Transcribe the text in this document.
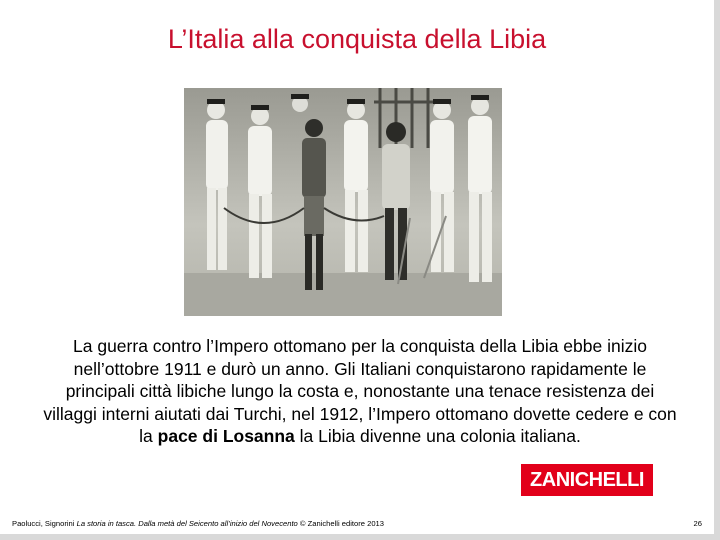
L’Italia alla conquista della Libia
La guerra contro l’Impero ottomano per la conquista della Libia ebbe inizio nell’ottobre 1911 e durò un anno. Gli Italiani conquistarono rapidamente le principali città libiche lungo la costa e, nonostante una tenace resistenza dei villaggi interni aiutati dai Turchi, nel 1912, l’Impero ottomano dovette cedere e con la pace di Losanna la Libia divenne una colonia italiana.
ZANICHELLI
Paolucci, Signorini La storia in tasca. Dalla metà del Seicento all’inizio del Novecento © Zanichelli editore 2013	26
